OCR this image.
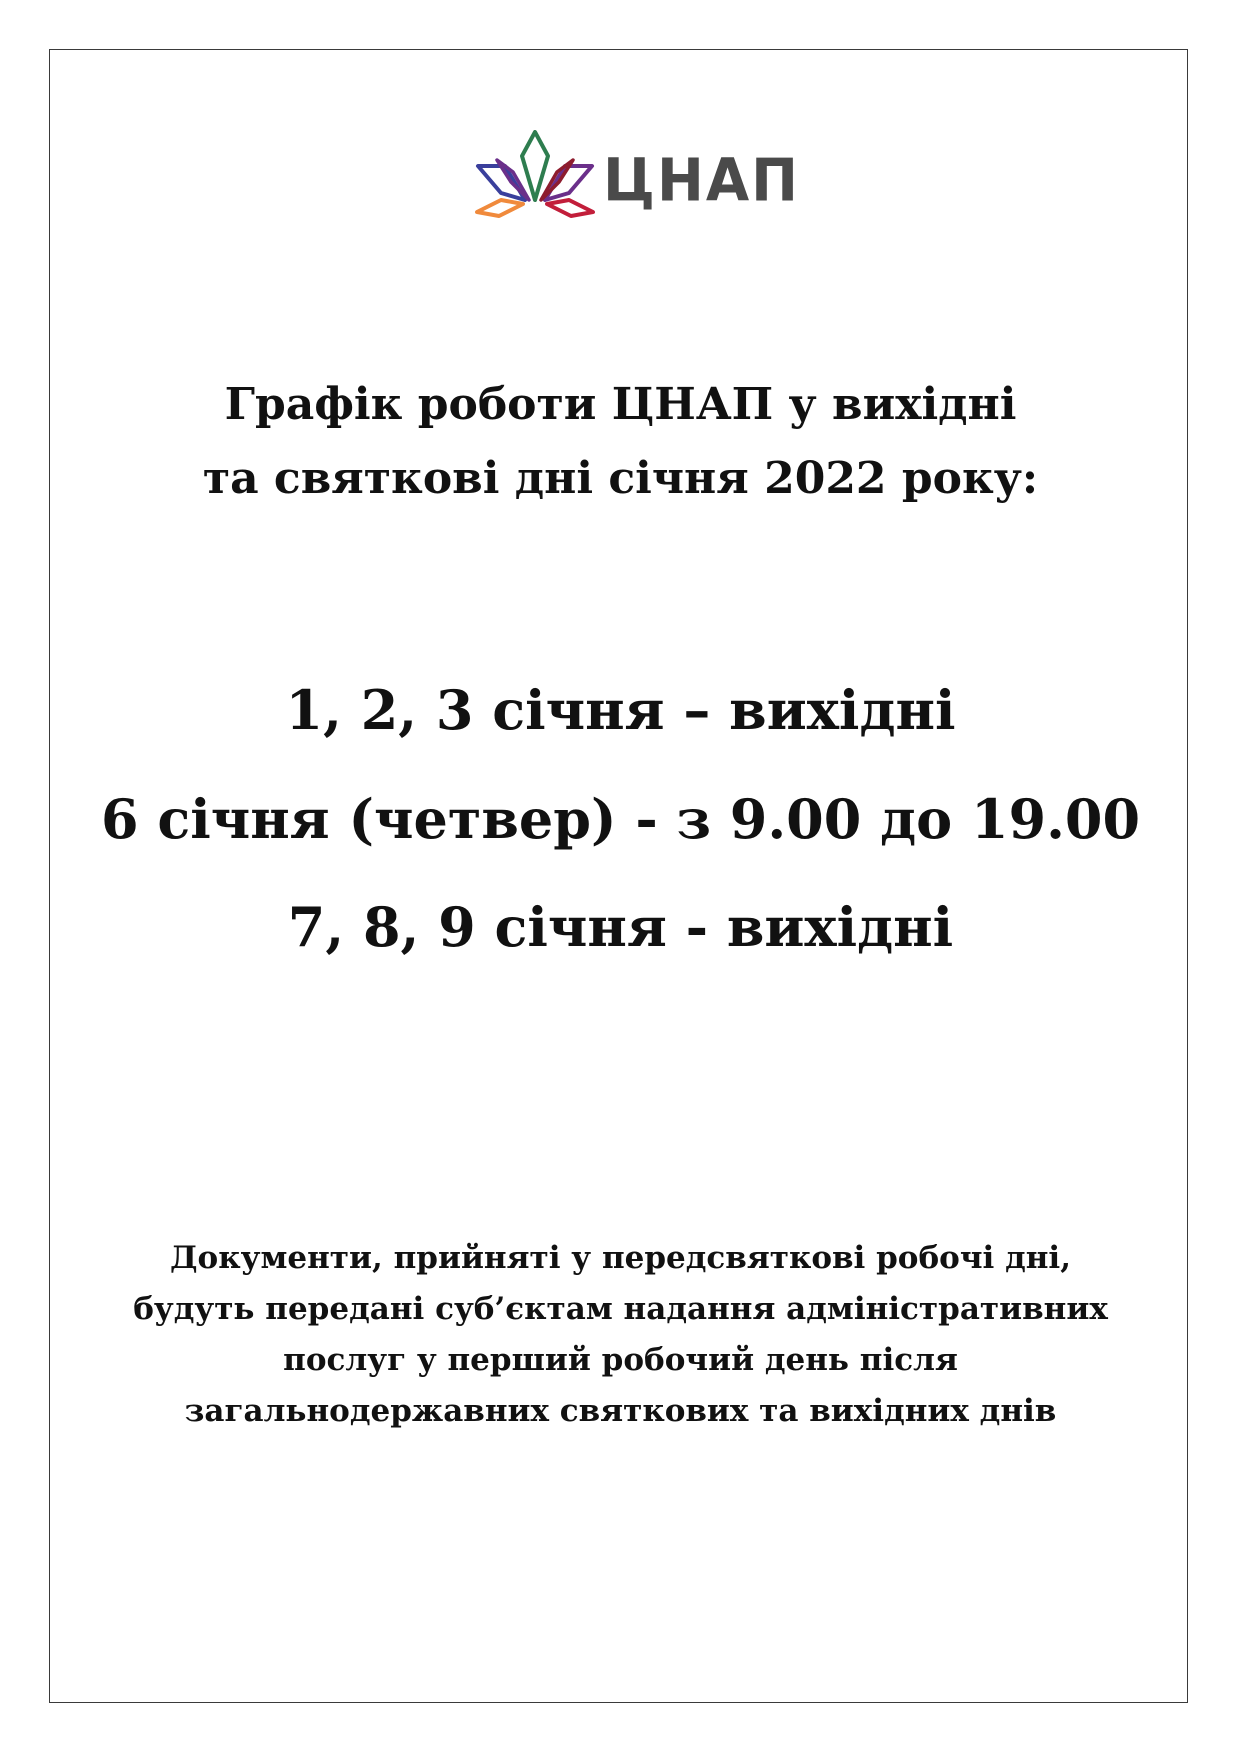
ЦНАП
Графік роботи ЦНАП у вихідні
та святкові дні січня 2022 року:
1, 2, 3 січня – вихідні
6 січня (четвер) - з 9.00 до 19.00
7, 8, 9 січня - вихідні
Документи, прийняті у передсвяткові робочі дні,
будуть передані суб’єктам надання адміністративних
послуг у перший робочий день після
загальнодержавних святкових та вихідних днів
